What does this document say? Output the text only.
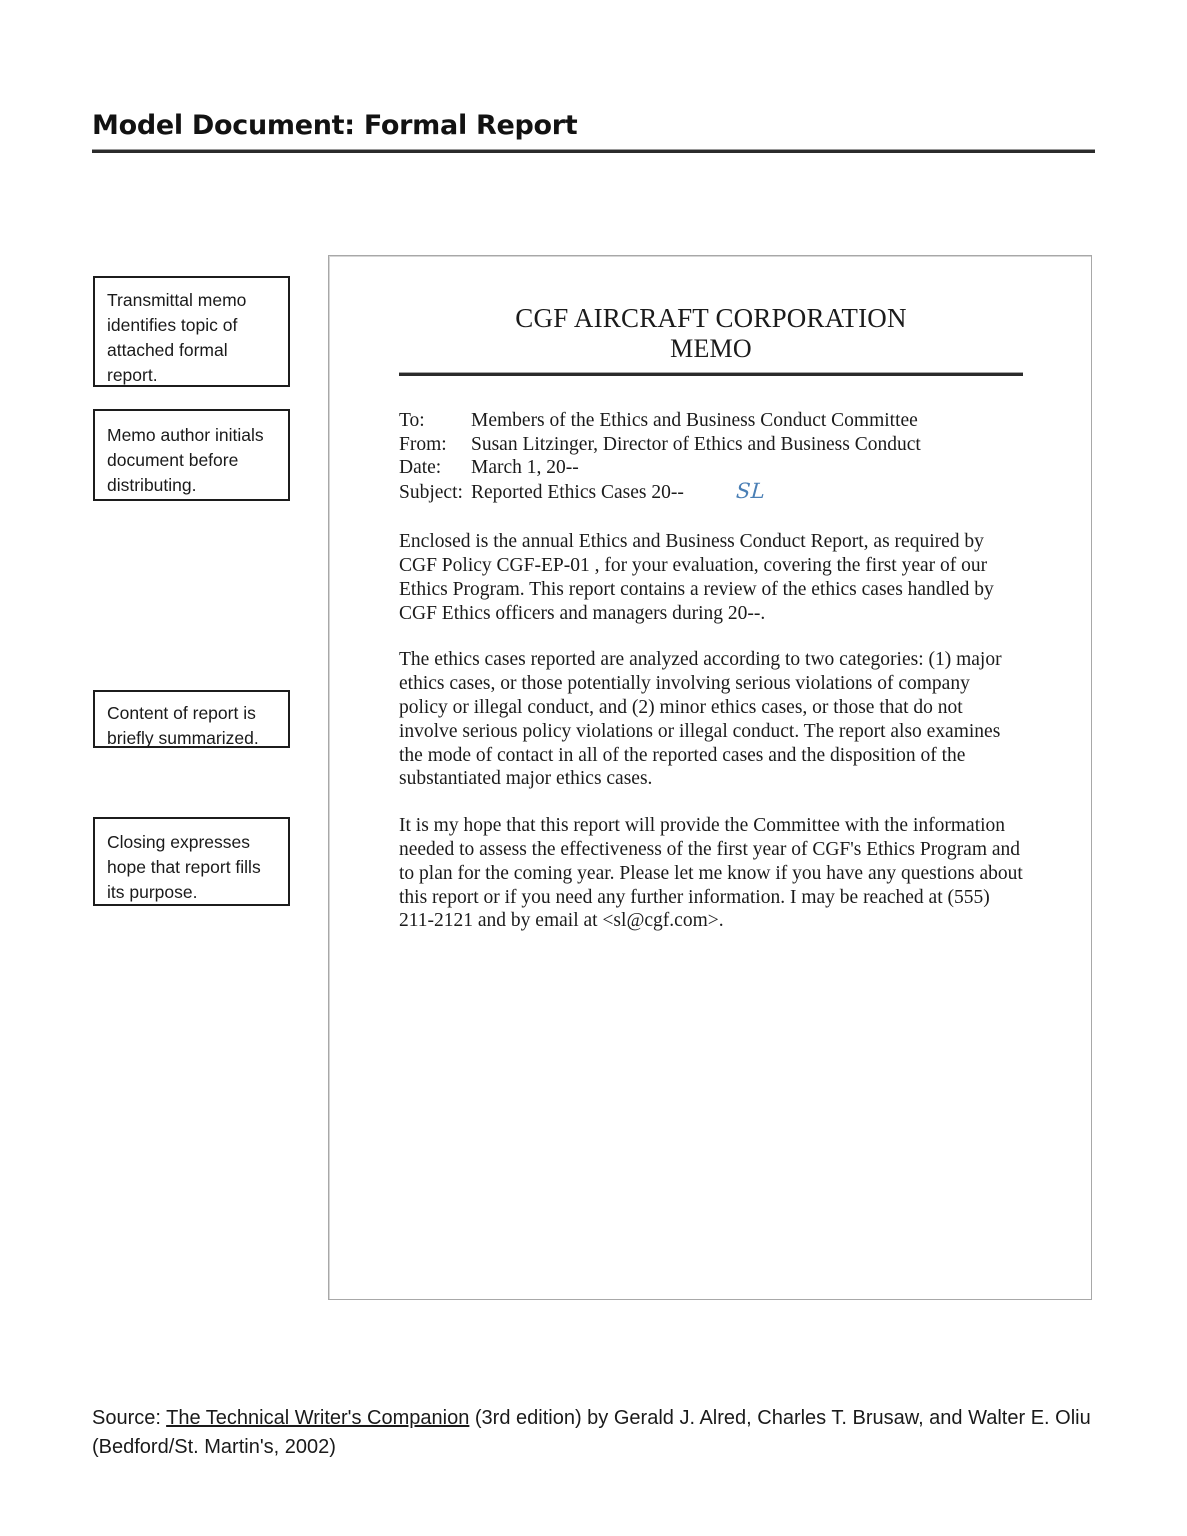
Model Document: Formal Report
Transmittal memo identifies topic of attached formal report.
Memo author initials document before distributing.
Content of report is briefly summarized.
Closing expresses hope that report fills its purpose.
CGF AIRCRAFT CORPORATION
MEMO
To:	Members of the Ethics and Business Conduct Committee
From:	Susan Litzinger, Director of Ethics and Business Conduct
Date:	March 1, 20--
Subject: Reported Ethics Cases 20-- SL

Enclosed is the annual Ethics and Business Conduct Report, as required by CGF Policy CGF-EP-01 , for your evaluation, covering the first year of our Ethics Program. This report contains a review of the ethics cases handled by CGF Ethics officers and managers during 20--.

The ethics cases reported are analyzed according to two categories: (1) major ethics cases, or those potentially involving serious violations of company policy or illegal conduct, and (2) minor ethics cases, or those that do not involve serious policy violations or illegal conduct. The report also examines the mode of contact in all of the reported cases and the disposition of the substantiated major ethics cases.

It is my hope that this report will provide the Committee with the information needed to assess the effectiveness of the first year of CGF's Ethics Program and to plan for the coming year. Please let me know if you have any questions about this report or if you need any further information. I may be reached at (555) 211-2121 and by email at <sl@cgf.com>.

Source: The Technical Writer's Companion (3rd edition) by Gerald J. Alred, Charles T. Brusaw, and Walter E. Oliu (Bedford/St. Martin's, 2002)
